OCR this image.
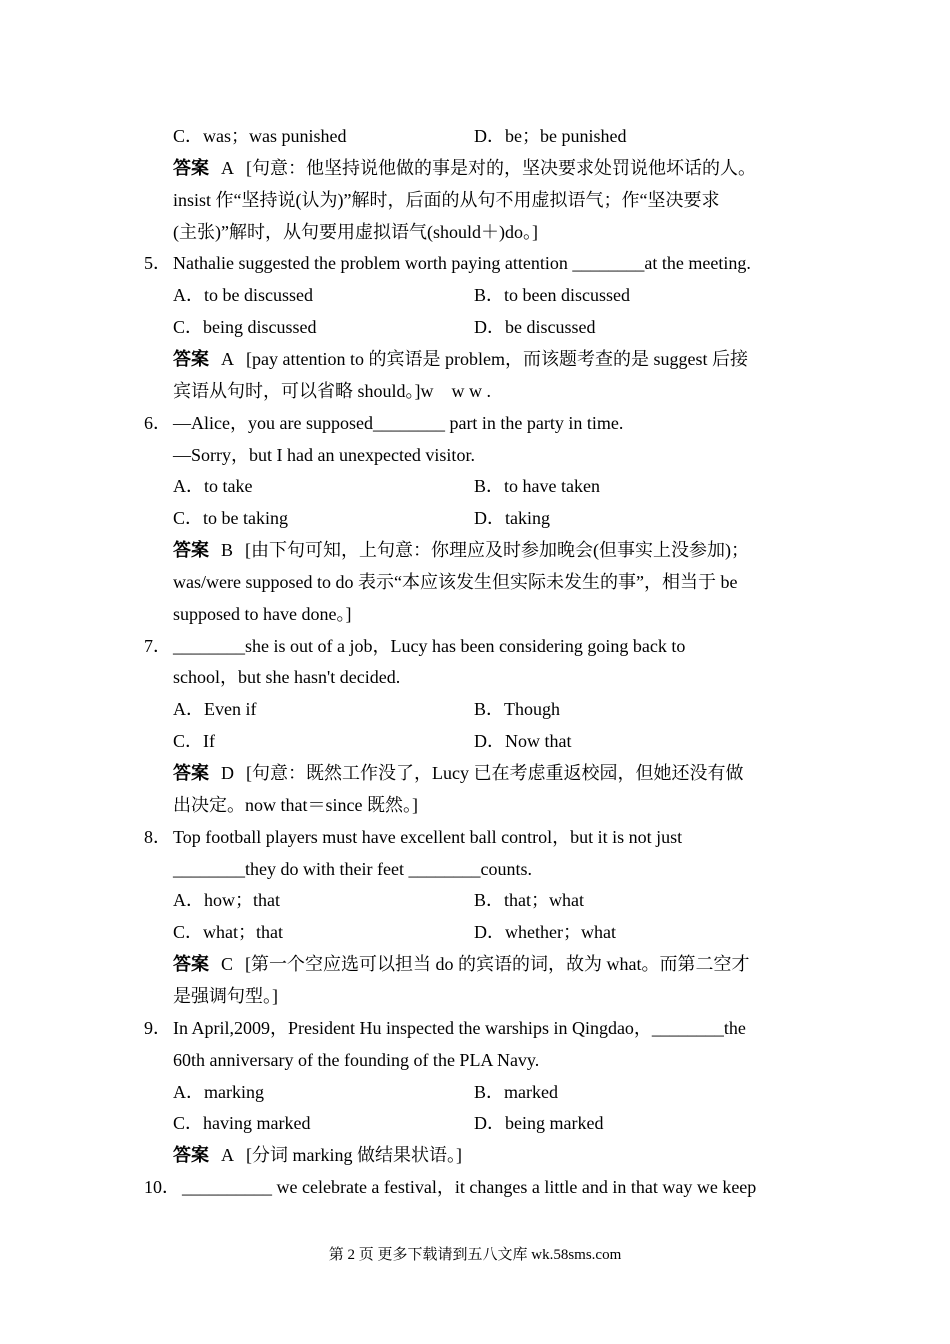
C．was；was punished	D．be；be punished
答案 A [句意：他坚持说他做的事是对的，坚决要求处罚说他坏话的人。
insist 作“坚持说(认为)”解时，后面的从句不用虚拟语气；作“坚决要求
(主张)”解时，从句要用虚拟语气(should＋)do。]
5． Nathalie suggested the problem worth paying attention ________at the meeting.
A．to be discussed	B．to been discussed
C．being discussed	D．be discussed
答案 A [pay attention to 的宾语是 problem，而该题考查的是 suggest 后接
宾语从句时，可以省略 should。]w　w w .
6． —Alice，you are supposed________ part in the party in time.
—Sorry，but I had an unexpected visitor.
A．to take	B．to have taken
C．to be taking	D．taking
答案 B [由下句可知，上句意：你理应及时参加晚会(但事实上没参加)；
was/were supposed to do 表示“本应该发生但实际未发生的事”，相当于 be
supposed to have done。]
7． ________she is out of a job，Lucy has been considering going back to
school，but she hasn't decided.
A．Even if	B．Though
C．If	D．Now that
答案 D [句意：既然工作没了，Lucy 已在考虑重返校园，但她还没有做
出决定。now that＝since 既然。]
8． Top football players must have excellent ball control，but it is not just
________they do with their feet ________counts.
A．how；that	B．that；what
C．what；that	D．whether；what
答案 C [第一个空应选可以担当 do 的宾语的词，故为 what。而第二空才
是强调句型。]
9． In April,2009，President Hu inspected the warships in Qingdao，________the
60th anniversary of the founding of the PLA Navy.
A．marking	B．marked
C．having marked	D．being marked
答案 A [分词 marking 做结果状语。]
10． __________ we celebrate a festival，it changes a little and in that way we keep
第 2 页 更多下载请到五八文库 wk.58sms.com
